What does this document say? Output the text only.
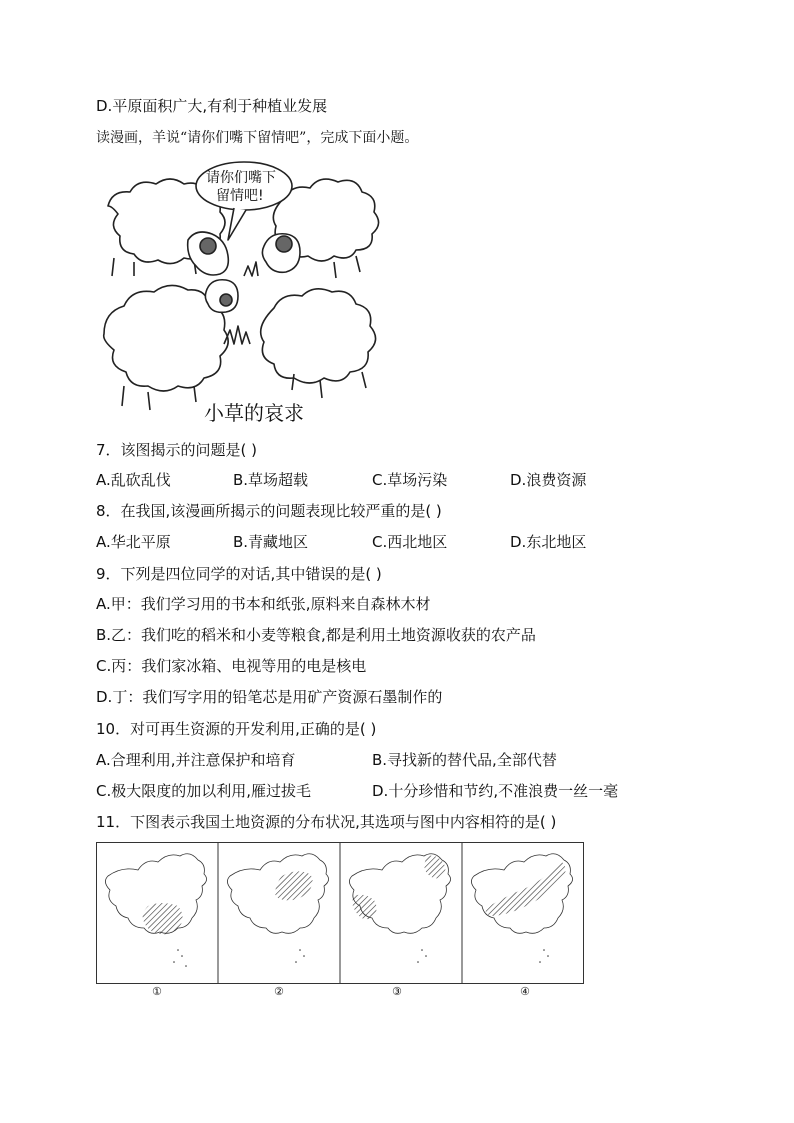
D.平原面积广大,有利于种植业发展
读漫画，羊说“请你们嘴下留情吧”，完成下面小题。
请你们嘴下
留情吧!
小草的哀求
7．该图揭示的问题是( )
A.乱砍乱伐	B.草场超载	C.草场污染	D.浪费资源
8．在我国,该漫画所揭示的问题表现比较严重的是( )
A.华北平原	B.青藏地区	C.西北地区	D.东北地区
9．下列是四位同学的对话,其中错误的是( )
A.甲：我们学习用的书本和纸张,原料来自森林木材
B.乙：我们吃的稻米和小麦等粮食,都是利用土地资源收获的农产品
C.丙：我们家冰箱、电视等用的电是核电
D.丁：我们写字用的铅笔芯是用矿产资源石墨制作的
10．对可再生资源的开发利用,正确的是( )
A.合理利用,并注意保护和培育	B.寻找新的替代品,全部代替
C.极大限度的加以利用,雁过拔毛	D.十分珍惜和节约,不准浪费一丝一毫
11．下图表示我国土地资源的分布状况,其选项与图中内容相符的是( )
①	②	③	④
